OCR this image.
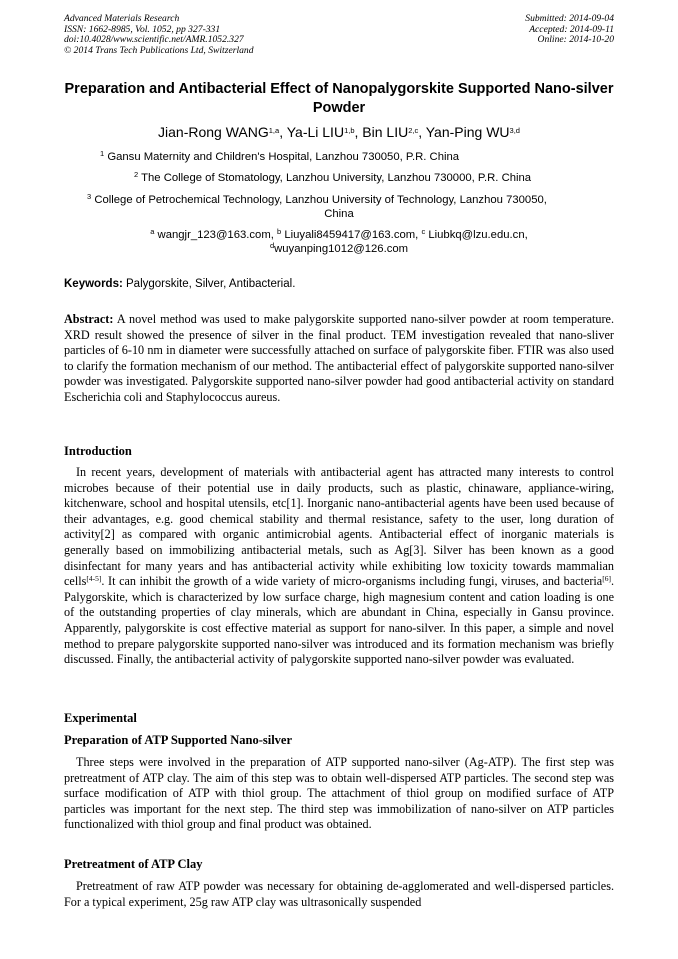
Advanced Materials Research
ISSN: 1662-8985, Vol. 1052, pp 327-331
doi:10.4028/www.scientific.net/AMR.1052.327
© 2014 Trans Tech Publications Ltd, Switzerland
Submitted: 2014-09-04
Accepted: 2014-09-11
Online: 2014-10-20
Preparation and Antibacterial Effect of Nanopalygorskite Supported Nano-silver Powder
Jian-Rong WANG$^{1,a}$, Ya-Li LIU$^{1,b}$, Bin LIU$^{2,c}$, Yan-Ping WU$^{3,d}$
$^1$ Gansu Maternity and Children's Hospital, Lanzhou 730050, P.R. China
$^2$ The College of Stomatology, Lanzhou University, Lanzhou 730000, P.R. China
$^3$ College of Petrochemical Technology, Lanzhou University of Technology, Lanzhou 730050,
China
$^a$ wangjr_123@163.com, $^b$ Liuyali8459417@163.com, $^c$ Liubkq@lzu.edu.cn,
$^d$wuyanping1012@126.com
Keywords: Palygorskite, Silver, Antibacterial.
Abstract: A novel method was used to make palygorskite supported nano-silver powder at room temperature. XRD result showed the presence of silver in the final product. TEM investigation revealed that nano-sliver particles of 6-10 nm in diameter were successfully attached on surface of palygorskite fiber. FTIR was also used to clarify the formation mechanism of our method. The antibacterial effect of palygorskite supported nano-silver powder was investigated. Palygorskite supported nano-silver powder had good antibacterial activity on standard Escherichia coli and Staphylococcus aureus.
Introduction
In recent years, development of materials with antibacterial agent has attracted many interests to control microbes because of their potential use in daily products, such as plastic, chinaware, appliance-wiring, kitchenware, school and hospital utensils, etc[1]. Inorganic nano-antibacterial agents have been used because of their advantages, e.g. good chemical stability and thermal resistance, safety to the user, long duration of activity[2] as compared with organic antimicrobial agents. Antibacterial effect of inorganic materials is generally based on immobilizing antibacterial metals, such as Ag[3]. Silver has been known as a good disinfectant for many years and has antibacterial activity while exhibiting low toxicity towards mammalian cells[4-5]. It can inhibit the growth of a wide variety of micro-organisms including fungi, viruses, and bacteria[6]. Palygorskite, which is characterized by low surface charge, high magnesium content and cation loading is one of the outstanding properties of clay minerals, which are abundant in China, especially in Gansu province. Apparently, palygorskite is cost effective material as support for nano-silver. In this paper, a simple and novel method to prepare palygorskite supported nano-silver was introduced and its formation mechanism was briefly discussed. Finally, the antibacterial activity of palygorskite supported nano-silver powder was evaluated.
Experimental
Preparation of ATP Supported Nano-silver
Three steps were involved in the preparation of ATP supported nano-silver (Ag-ATP). The first step was pretreatment of ATP clay. The aim of this step was to obtain well-dispersed ATP particles. The second step was surface modification of ATP with thiol group. The attachment of thiol group on modified surface of ATP particles was important for the next step. The third step was immobilization of nano-silver on ATP particles functionalized with thiol group and final product was obtained.
Pretreatment of ATP Clay
Pretreatment of raw ATP powder was necessary for obtaining de-agglomerated and well-dispersed particles. For a typical experiment, 25g raw ATP clay was ultrasonically suspended
